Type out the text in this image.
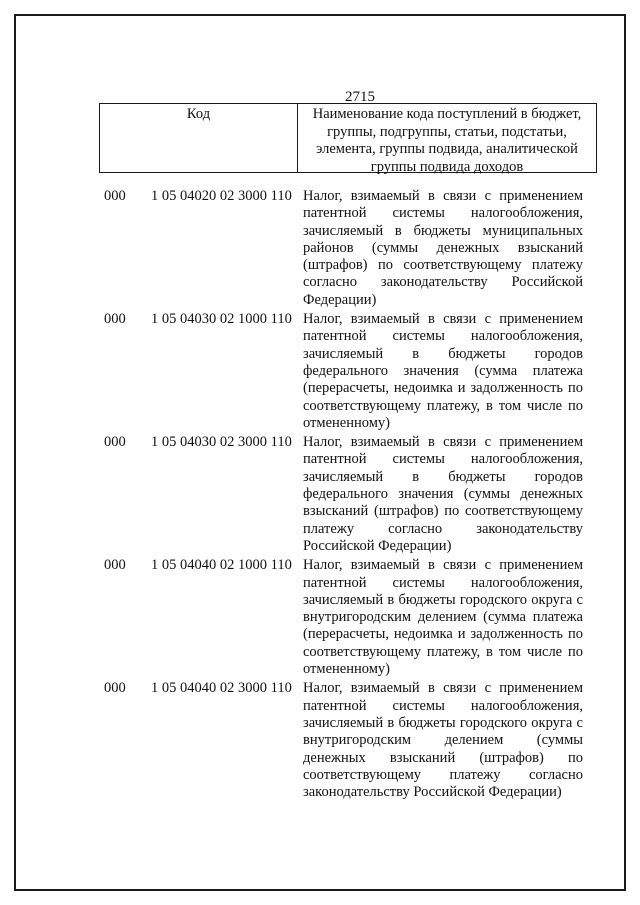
2715
Код	Наименование кода поступлений в бюджет, группы, подгруппы, статьи, подстатьи, элемента, группы подвида, аналитической группы подвида доходов
000	1 05 04020 02 3000 110 Налог, взимаемый в связи с применением патентной системы налогообложения, зачисляемый в бюджеты муниципальных районов (суммы денежных взысканий (штрафов) по соответствующему платежу согласно законодательству Российской Федерации)
000	1 05 04030 02 1000 110 Налог, взимаемый в связи с применением патентной системы налогообложения, зачисляемый в бюджеты городов федерального значения (сумма платежа (перерасчеты, недоимка и задолженность по соответствующему платежу, в том числе по отмененному)
000	1 05 04030 02 3000 110 Налог, взимаемый в связи с применением патентной системы налогообложения, зачисляемый в бюджеты городов федерального значения (суммы денежных взысканий (штрафов) по соответствующему платежу согласно законодательству Российской Федерации)
000	1 05 04040 02 1000 110 Налог, взимаемый в связи с применением патентной системы налогообложения, зачисляемый в бюджеты городского округа с внутригородским делением (сумма платежа (перерасчеты, недоимка и задолженность по соответствующему платежу, в том числе по отмененному)
000	1 05 04040 02 3000 110 Налог, взимаемый в связи с применением патентной системы налогообложения, зачисляемый в бюджеты городского округа с внутригородским делением (суммы денежных взысканий (штрафов) по соответствующему платежу согласно законодательству Российской Федерации)
